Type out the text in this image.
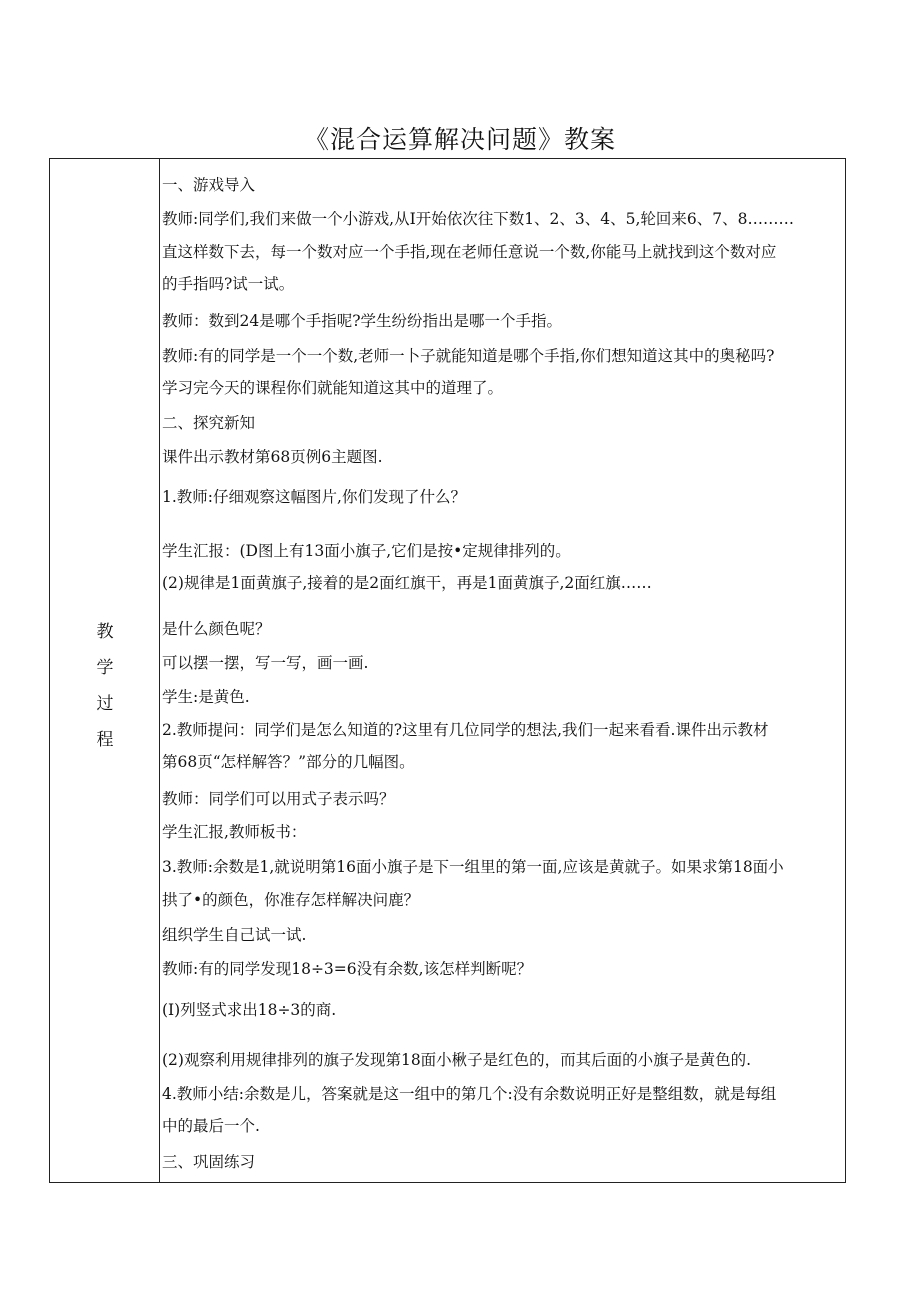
《混合运算解决问题》教案
教
学
过
程
一、游戏导入
教师:同学们,我们来做一个小游戏,从I开始依次往下数1、2、3、4、5,轮回来6、7、8………
直这样数下去，每一个数对应一个手指,现在老师任意说一个数,你能马上就找到这个数对应
的手指吗?试一试。
教师：数到24是哪个手指呢?学生纷纷指出是哪一个手指。
教师:有的同学是一个一个数,老师一卜子就能知道是哪个手指,你们想知道这其中的奥秘吗?
学习完今天的课程你们就能知道这其中的道理了。
二、探究新知
课件出示教材第68页例6主题图.
1.教师:仔细观察这幅图片,你们发现了什么？
学生汇报：(D图上有13面小旗子,它们是按•定规律排列的。
(2)规律是1面黄旗子,接着的是2面红旗干，再是1面黄旗子,2面红旗……
是什么颜色呢？
可以摆一摆，写一写，画一画.
学生:是黄色.
2.教师提问：同学们是怎么知道的?这里有几位同学的想法,我们一起来看看.课件出示教材
第68页“怎样解答？”部分的几幅图。
教师：同学们可以用式子表示吗？
学生汇报,教师板书：
3.教师:余数是1,就说明第16面小旗子是下一组里的第一面,应该是黄就子。如果求第18面小
拱了•的颜色，你准存怎样解决问鹿？
组织学生自己试一试.
教师:有的同学发现18÷3=6没有余数,该怎样判断呢？
(I)列竖式求出18÷3的商.
(2)观察利用规律排列的旗子发现第18面小楸子是红色的，而其后面的小旗子是黄色的.
4.教师小结:余数是儿，答案就是这一组中的第几个:没有余数说明正好是整组数，就是每组
中的最后一个.
三、巩固练习
